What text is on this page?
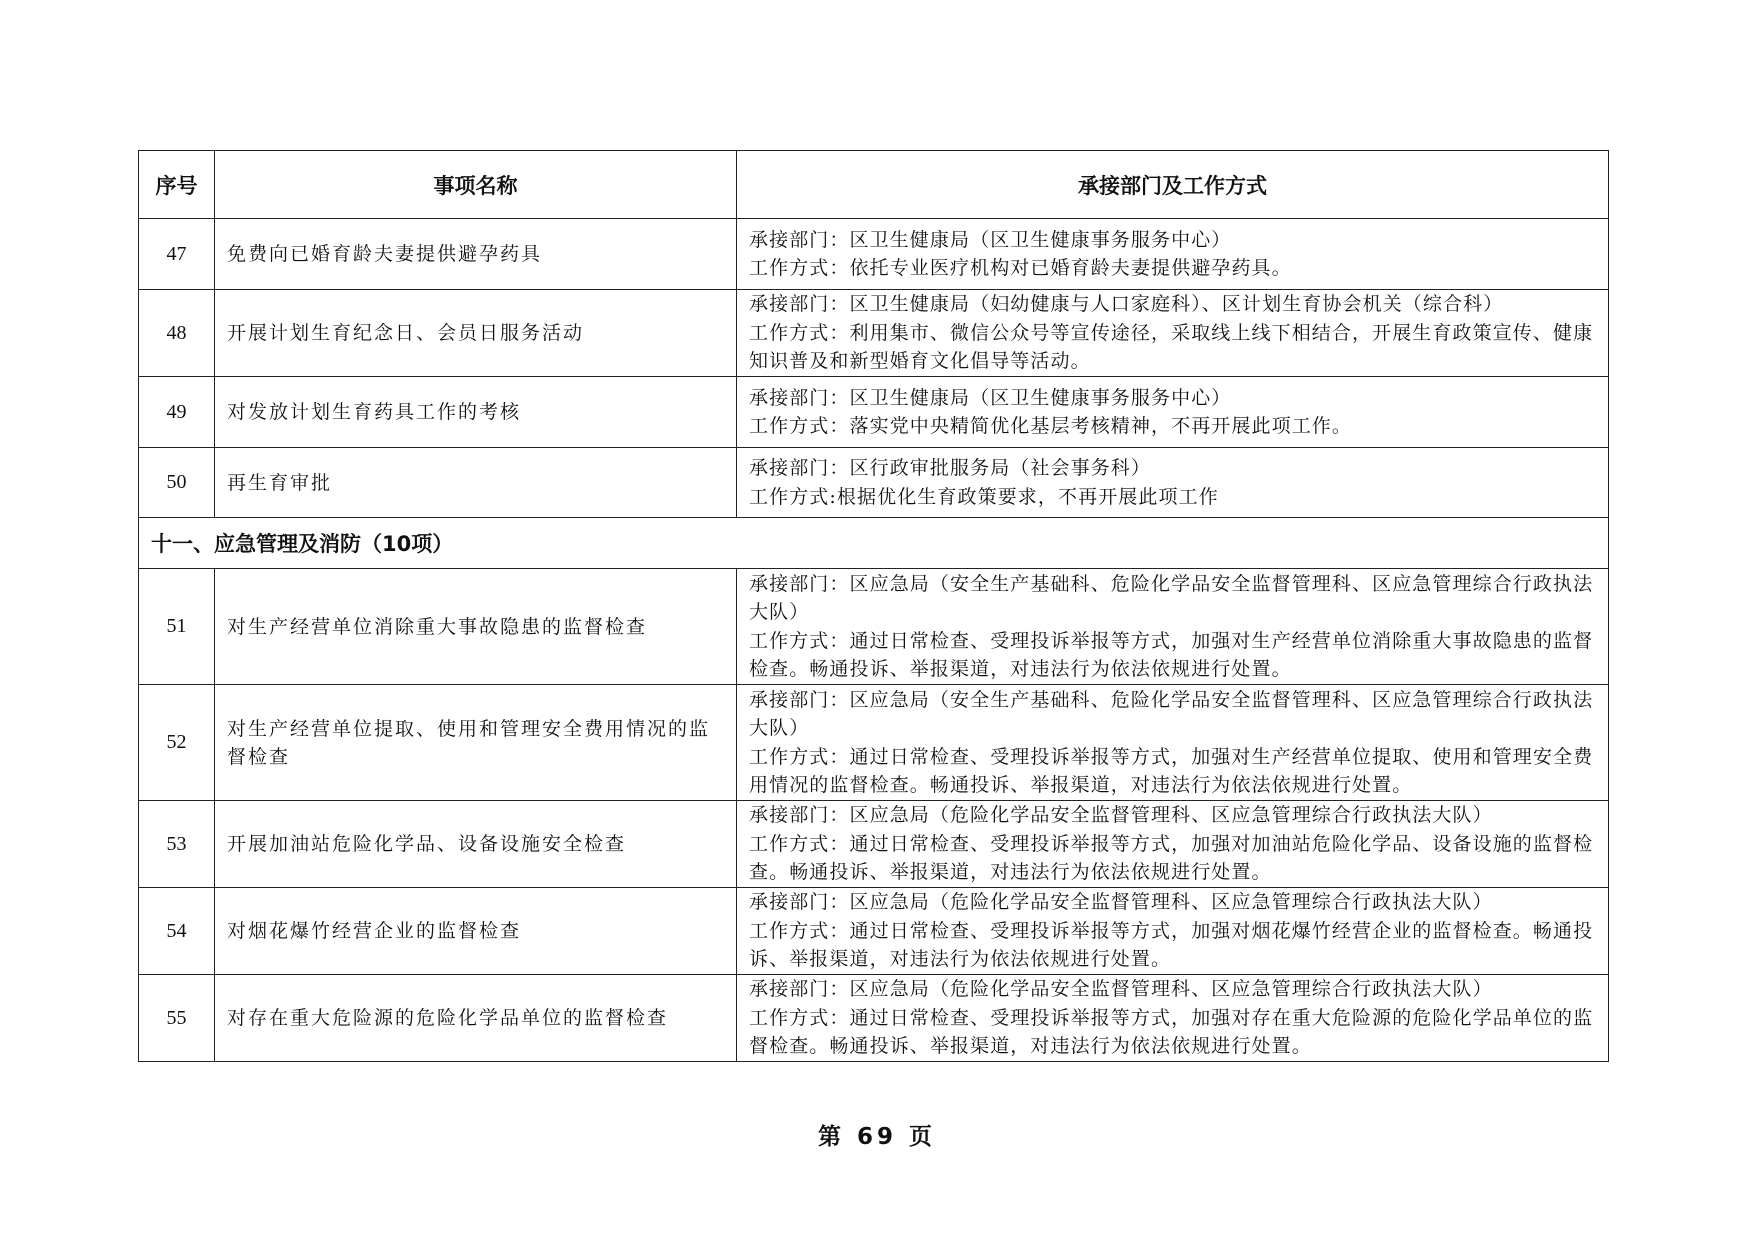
序号	事项名称	承接部门及工作方式
47	免费向已婚育龄夫妻提供避孕药具	承接部门：区卫生健康局（区卫生健康事务服务中心）
工作方式：依托专业医疗机构对已婚育龄夫妻提供避孕药具。

48	开展计划生育纪念日、会员日服务活动	承接部门：区卫生健康局（妇幼健康与人口家庭科）、区计划生育协会机关（综合科）
工作方式：利用集市、微信公众号等宣传途径，采取线上线下相结合，开展生育政策宣传、健康知识普及和新型婚育文化倡导等活动。

49	对发放计划生育药具工作的考核	承接部门：区卫生健康局（区卫生健康事务服务中心）
工作方式：落实党中央精简优化基层考核精神，不再开展此项工作。

50	再生育审批	承接部门：区行政审批服务局（社会事务科）
工作方式:根据优化生育政策要求，不再开展此项工作

十一、应急管理及消防（10项）		
51	对生产经营单位消除重大事故隐患的监督检查	承接部门：区应急局（安全生产基础科、危险化学品安全监督管理科、区应急管理综合行政执法大队）
工作方式：通过日常检查、受理投诉举报等方式，加强对生产经营单位消除重大事故隐患的监督检查。畅通投诉、举报渠道，对违法行为依法依规进行处置。

52	对生产经营单位提取、使用和管理安全费用情况的监督检查	承接部门：区应急局（安全生产基础科、危险化学品安全监督管理科、区应急管理综合行政执法大队）
工作方式：通过日常检查、受理投诉举报等方式，加强对生产经营单位提取、使用和管理安全费用情况的监督检查。畅通投诉、举报渠道，对违法行为依法依规进行处置。

53	开展加油站危险化学品、设备设施安全检查	承接部门：区应急局（危险化学品安全监督管理科、区应急管理综合行政执法大队）
工作方式：通过日常检查、受理投诉举报等方式，加强对加油站危险化学品、设备设施的监督检查。畅通投诉、举报渠道，对违法行为依法依规进行处置。

54	对烟花爆竹经营企业的监督检查	承接部门：区应急局（危险化学品安全监督管理科、区应急管理综合行政执法大队）
工作方式：通过日常检查、受理投诉举报等方式，加强对烟花爆竹经营企业的监督检查。畅通投诉、举报渠道，对违法行为依法依规进行处置。

55	对存在重大危险源的危险化学品单位的监督检查	承接部门：区应急局（危险化学品安全监督管理科、区应急管理综合行政执法大队）
工作方式：通过日常检查、受理投诉举报等方式，加强对存在重大危险源的危险化学品单位的监督检查。畅通投诉、举报渠道，对违法行为依法依规进行处置。
第 69 页
